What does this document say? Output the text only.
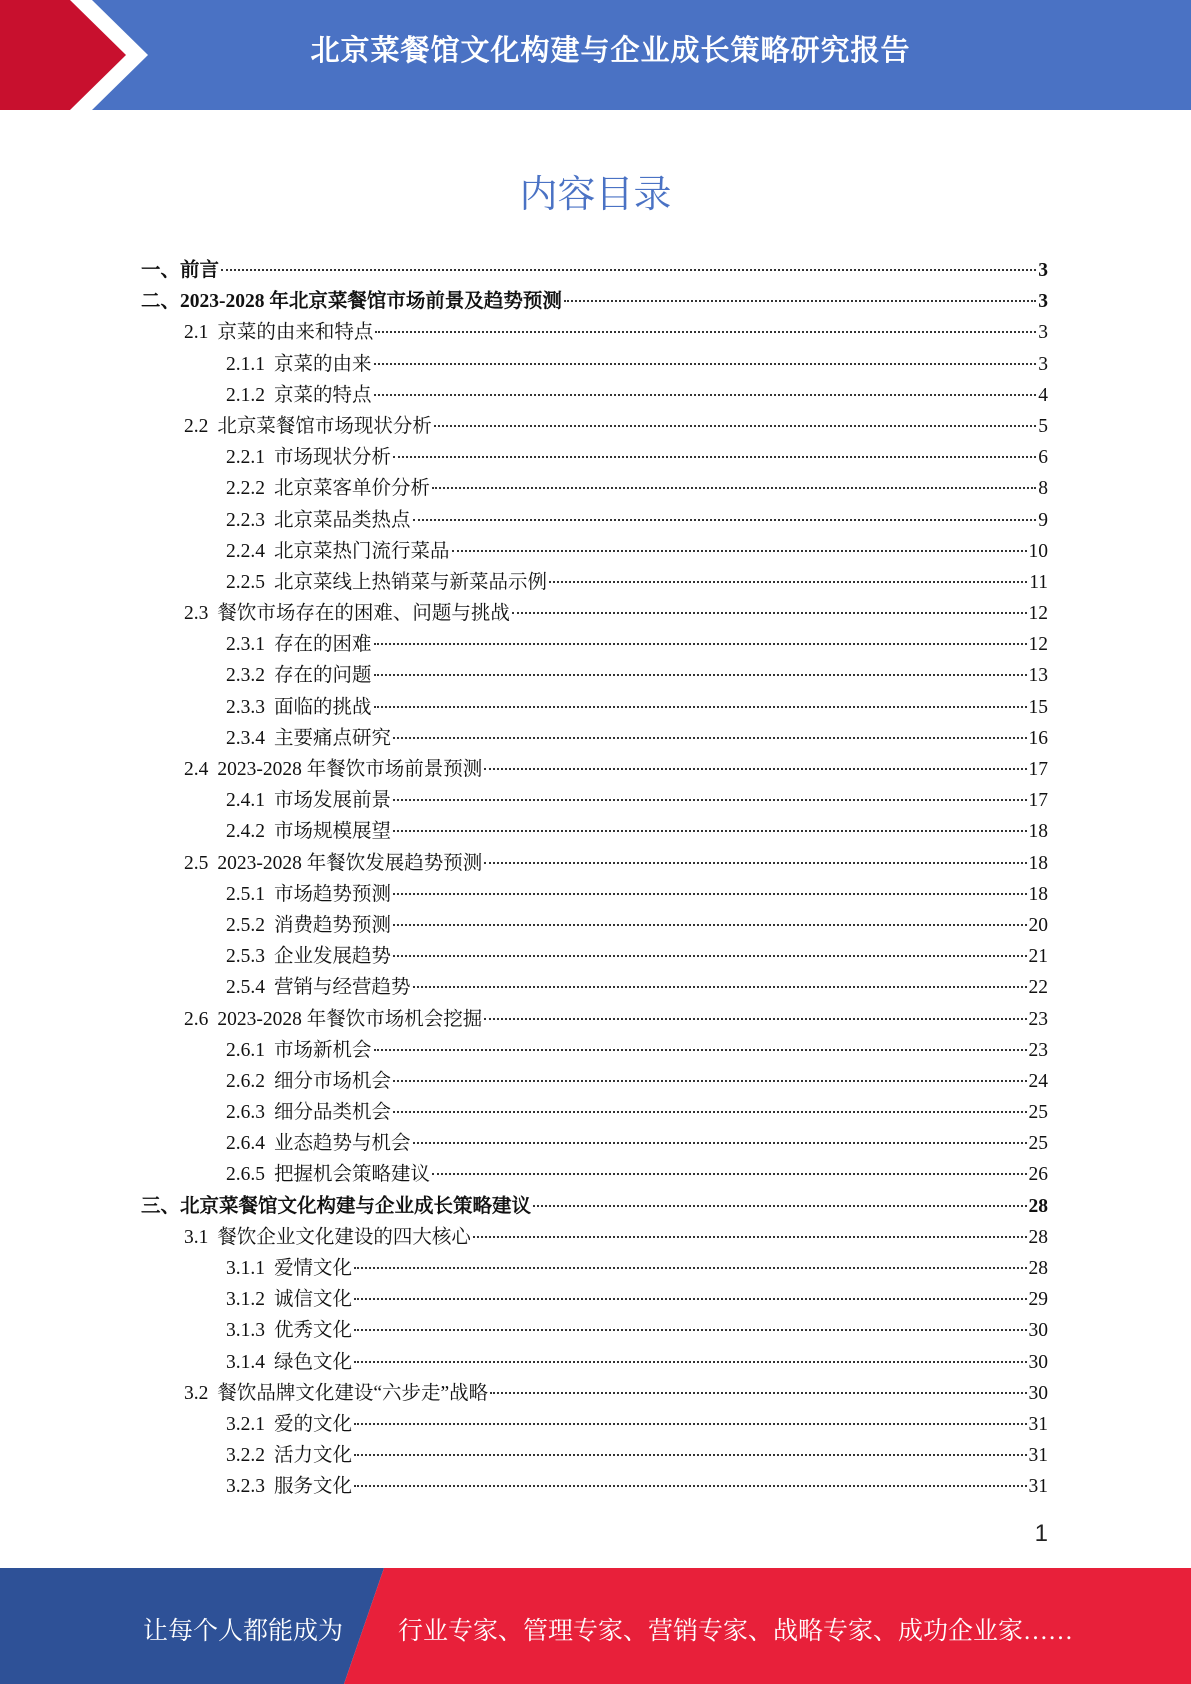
北京菜餐馆文化构建与企业成长策略研究报告
内容目录
一、 前言	3
二、 2023-2028 年北京菜餐馆市场前景及趋势预测	3
2.1 京菜的由来和特点	3
2.1.1 京菜的由来	3
2.1.2 京菜的特点	4
2.2 北京菜餐馆市场现状分析	5
2.2.1 市场现状分析	6
2.2.2 北京菜客单价分析	8
2.2.3 北京菜品类热点	9
2.2.4 北京菜热门流行菜品	10
2.2.5 北京菜线上热销菜与新菜品示例	11
2.3 餐饮市场存在的困难、问题与挑战	12
2.3.1 存在的困难	12
2.3.2 存在的问题	13
2.3.3 面临的挑战	15
2.3.4 主要痛点研究	16
2.4 2023-2028 年餐饮市场前景预测	17
2.4.1 市场发展前景	17
2.4.2 市场规模展望	18
2.5 2023-2028 年餐饮发展趋势预测	18
2.5.1 市场趋势预测	18
2.5.2 消费趋势预测	20
2.5.3 企业发展趋势	21
2.5.4 营销与经营趋势	22
2.6 2023-2028 年餐饮市场机会挖掘	23
2.6.1 市场新机会	23
2.6.2 细分市场机会	24
2.6.3 细分品类机会	25
2.6.4 业态趋势与机会	25
2.6.5 把握机会策略建议	26
三、 北京菜餐馆文化构建与企业成长策略建议	28
3.1 餐饮企业文化建设的四大核心	28
3.1.1 爱情文化	28
3.1.2 诚信文化	29
3.1.3 优秀文化	30
3.1.4 绿色文化	30
3.2 餐饮品牌文化建设“六步走”战略	30
3.2.1 爱的文化	31
3.2.2 活力文化	31
3.2.3 服务文化	31
1
让每个人都能成为 行业专家、管理专家、营销专家、战略专家、成功企业家……
